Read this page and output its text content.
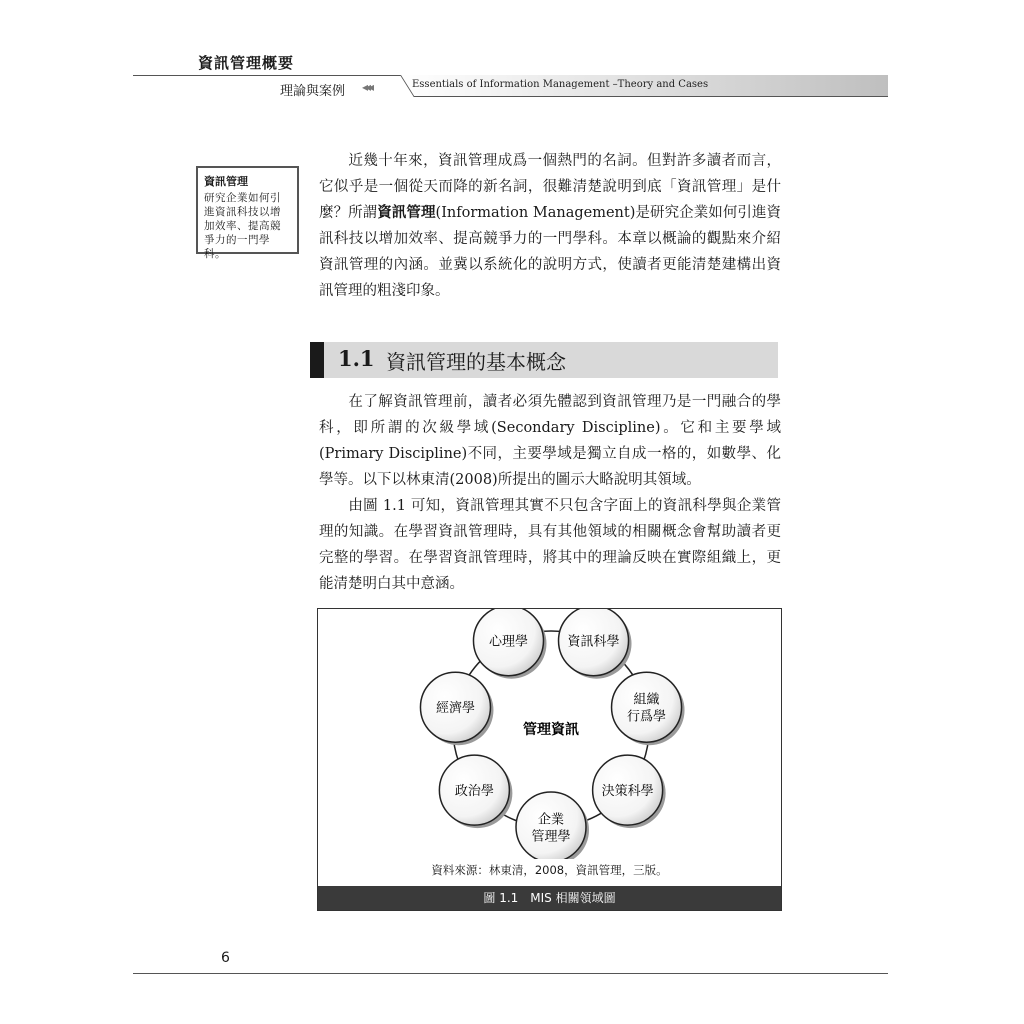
資訊管理概要
理論與案例 ◂◂◂	Essentials of Information Management –Theory and Cases
資訊管理
研究企業如何引進資訊科技以增加效率、提高競爭力的一門學科。
近幾十年來，資訊管理成爲一個熱門的名詞。但對許多讀者而言，它似乎是一個從天而降的新名詞，很難清楚說明到底「資訊管理」是什麼？所謂資訊管理(Information Management)是研究企業如何引進資訊科技以增加效率、提高競爭力的一門學科。本章以概論的觀點來介紹資訊管理的內涵。並冀以系統化的說明方式，使讀者更能清楚建構出資訊管理的粗淺印象。
1.1 資訊管理的基本概念
在了解資訊管理前，讀者必須先體認到資訊管理乃是一門融合的學科，即所謂的次級學域(Secondary Discipline)。它和主要學域(Primary Discipline)不同，主要學域是獨立自成一格的，如數學、化學等。以下以林東清(2008)所提出的圖示大略說明其領域。
由圖 1.1 可知，資訊管理其實不只包含字面上的資訊科學與企業管理的知識。在學習資訊管理時，具有其他領域的相關概念會幫助讀者更完整的學習。在學習資訊管理時，將其中的理論反映在實際組織上，更能清楚明白其中意涵。
心理學	資訊科學
組織
行爲學
決策科學
企業
管理學
政治學
經濟學
管理資訊
資料來源：林東清，2008，資訊管理，三版。
圖 1.1　MIS 相關領域圖
6
